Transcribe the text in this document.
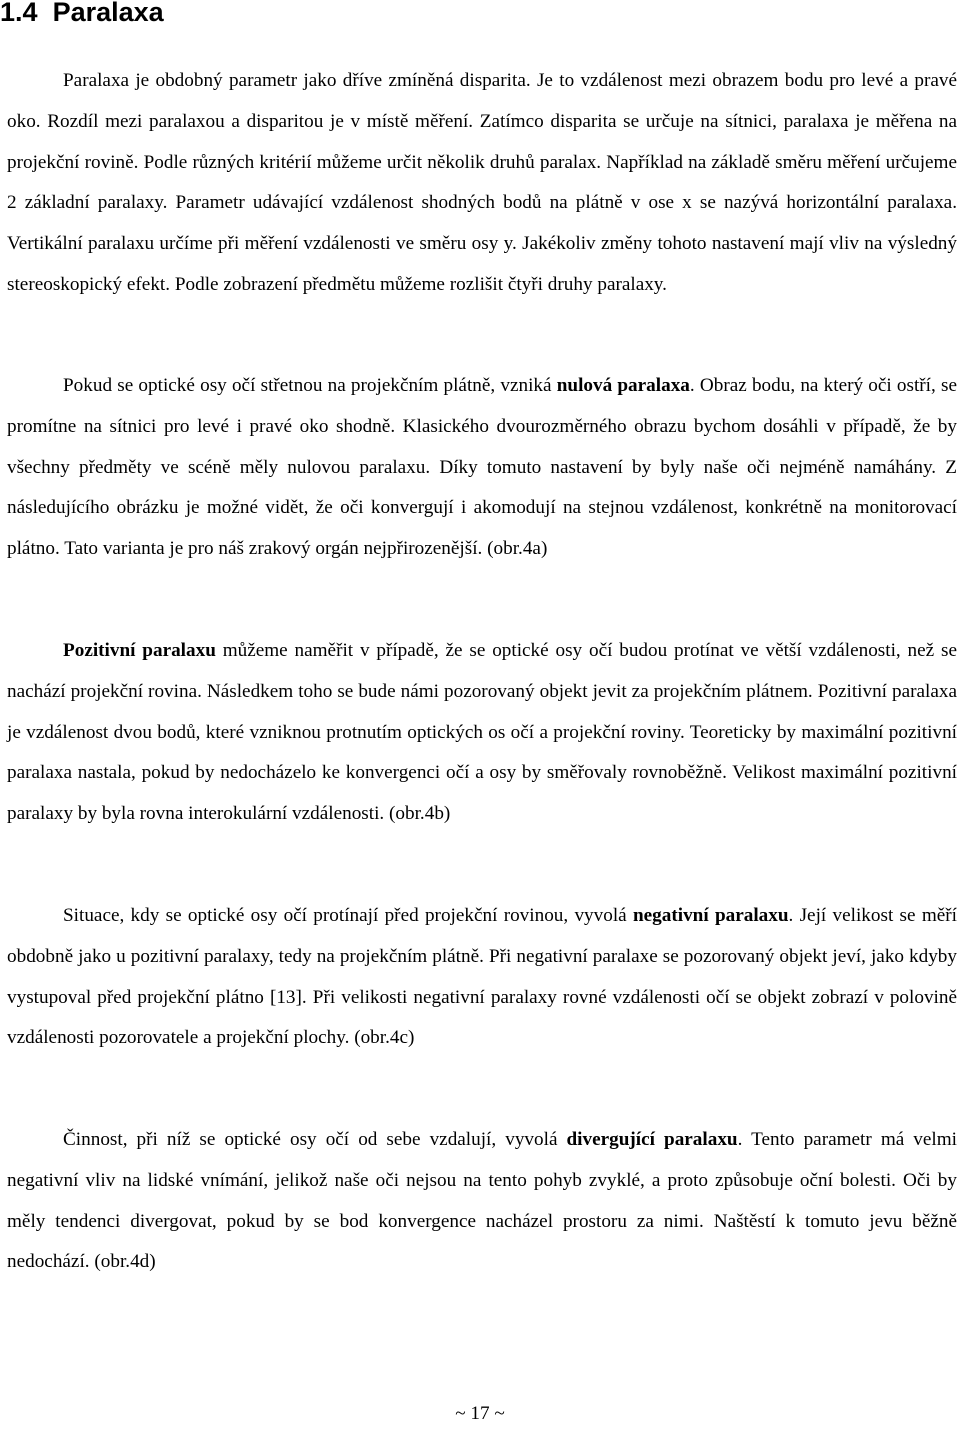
1.4 Paralaxa

Paralaxa je obdobný parametr jako dříve zmíněná disparita. Je to vzdálenost mezi obrazem bodu pro levé a pravé oko. Rozdíl mezi paralaxou a disparitou je v místě měření. Zatímco disparita se určuje na sítnici, paralaxa je měřena na projekční rovině. Podle různých kritérií můžeme určit několik druhů paralax. Například na základě směru měření určujeme 2 základní paralaxy. Parametr udávající vzdálenost shodných bodů na plátně v ose x se nazývá horizontální paralaxa. Vertikální paralaxu určíme při měření vzdálenosti ve směru osy y. Jakékoliv změny tohoto nastavení mají vliv na výsledný stereoskopický efekt. Podle zobrazení předmětu můžeme rozlišit čtyři druhy paralaxy.

Pokud se optické osy očí střetnou na projekčním plátně, vzniká nulová paralaxa. Obraz bodu, na který oči ostří, se promítne na sítnici pro levé i pravé oko shodně. Klasického dvourozměrného obrazu bychom dosáhli v případě, že by všechny předměty ve scéně měly nulovou paralaxu. Díky tomuto nastavení by byly naše oči nejméně namáhány. Z následujícího obrázku je možné vidět, že oči konvergují i akomodují na stejnou vzdálenost, konkrétně na monitorovací plátno. Tato varianta je pro náš zrakový orgán nejpřirozenější. (obr.4a)

Pozitivní paralaxu můžeme naměřit v případě, že se optické osy očí budou protínat ve větší vzdálenosti, než se nachází projekční rovina. Následkem toho se bude námi pozorovaný objekt jevit za projekčním plátnem. Pozitivní paralaxa je vzdálenost dvou bodů, které vzniknou protnutím optických os očí a projekční roviny. Teoreticky by maximální pozitivní paralaxa nastala, pokud by nedocházelo ke konvergenci očí a osy by směřovaly rovnoběžně. Velikost maximální pozitivní paralaxy by byla rovna interokulární vzdálenosti. (obr.4b)

Situace, kdy se optické osy očí protínají před projekční rovinou, vyvolá negativní paralaxu. Její velikost se měří obdobně jako u pozitivní paralaxy, tedy na projekčním plátně. Při negativní paralaxe se pozorovaný objekt jeví, jako kdyby vystupoval před projekční plátno [13]. Při velikosti negativní paralaxy rovné vzdálenosti očí se objekt zobrazí v polovině vzdálenosti pozorovatele a projekční plochy. (obr.4c)

Činnost, při níž se optické osy očí od sebe vzdalují, vyvolá divergující paralaxu. Tento parametr má velmi negativní vliv na lidské vnímání, jelikož naše oči nejsou na tento pohyb zvyklé, a proto způsobuje oční bolesti. Oči by měly tendenci divergovat, pokud by se bod konvergence nacházel prostoru za nimi. Naštěstí k tomuto jevu běžně nedochází. (obr.4d)

~ 17 ~
